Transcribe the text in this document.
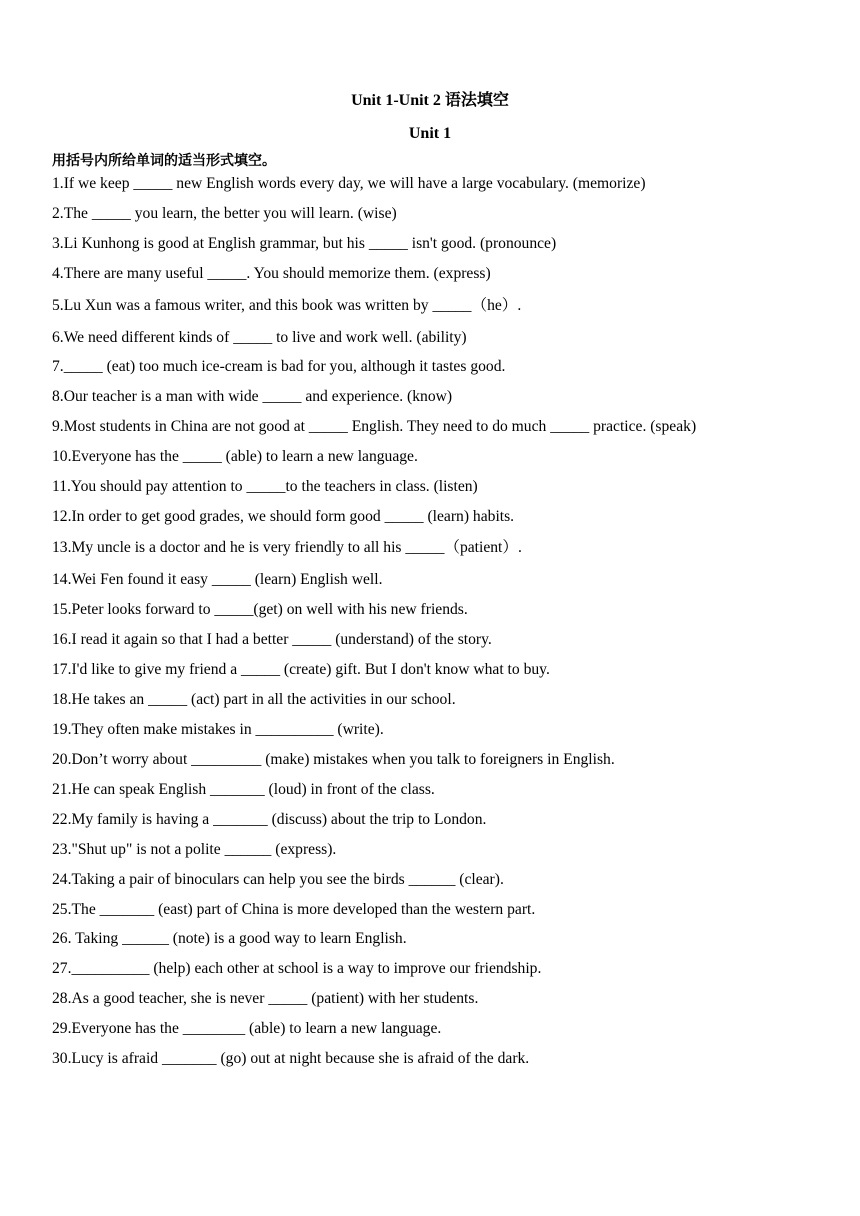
Unit 1-Unit 2 语法填空
Unit 1
用括号内所给单词的适当形式填空。
1.If we keep _____ new English words every day, we will have a large vocabulary. (memorize)
2.The _____ you learn, the better you will learn. (wise)
3.Li Kunhong is good at English grammar, but his _____ isn't good. (pronounce)
4.There are many useful _____. You should memorize them. (express)
5.Lu Xun was a famous writer, and this book was written by _____（he）.
6.We need different kinds of _____ to live and work well. (ability)
7._____ (eat) too much ice-cream is bad for you, although it tastes good.
8.Our teacher is a man with wide _____ and experience. (know)
9.Most students in China are not good at _____ English. They need to do much _____ practice. (speak)
10.Everyone has the _____ (able) to learn a new language.
11.You should pay attention to _____to the teachers in class. (listen)
12.In order to get good grades, we should form good _____ (learn) habits.
13.My uncle is a doctor and he is very friendly to all his _____（patient）.
14.Wei Fen found it easy _____ (learn) English well.
15.Peter looks forward to _____(get) on well with his new friends.
16.I read it again so that I had a better _____ (understand) of the story.
17.I'd like to give my friend a _____ (create) gift. But I don't know what to buy.
18.He takes an _____ (act) part in all the activities in our school.
19.They often make mistakes in __________ (write).
20.Don’t worry about _________ (make) mistakes when you talk to foreigners in English.
21.He can speak English _______ (loud) in front of the class.
22.My family is having a _______ (discuss) about the trip to London.
23."Shut up" is not a polite ______ (express).
24.Taking a pair of binoculars can help you see the birds ______ (clear).
25.The _______ (east) part of China is more developed than the western part.
26. Taking ______ (note) is a good way to learn English.
27.__________ (help) each other at school is a way to improve our friendship.
28.As a good teacher, she is never _____ (patient) with her students.
29.Everyone has the ________ (able) to learn a new language.
30.Lucy is afraid _______ (go) out at night because she is afraid of the dark.
